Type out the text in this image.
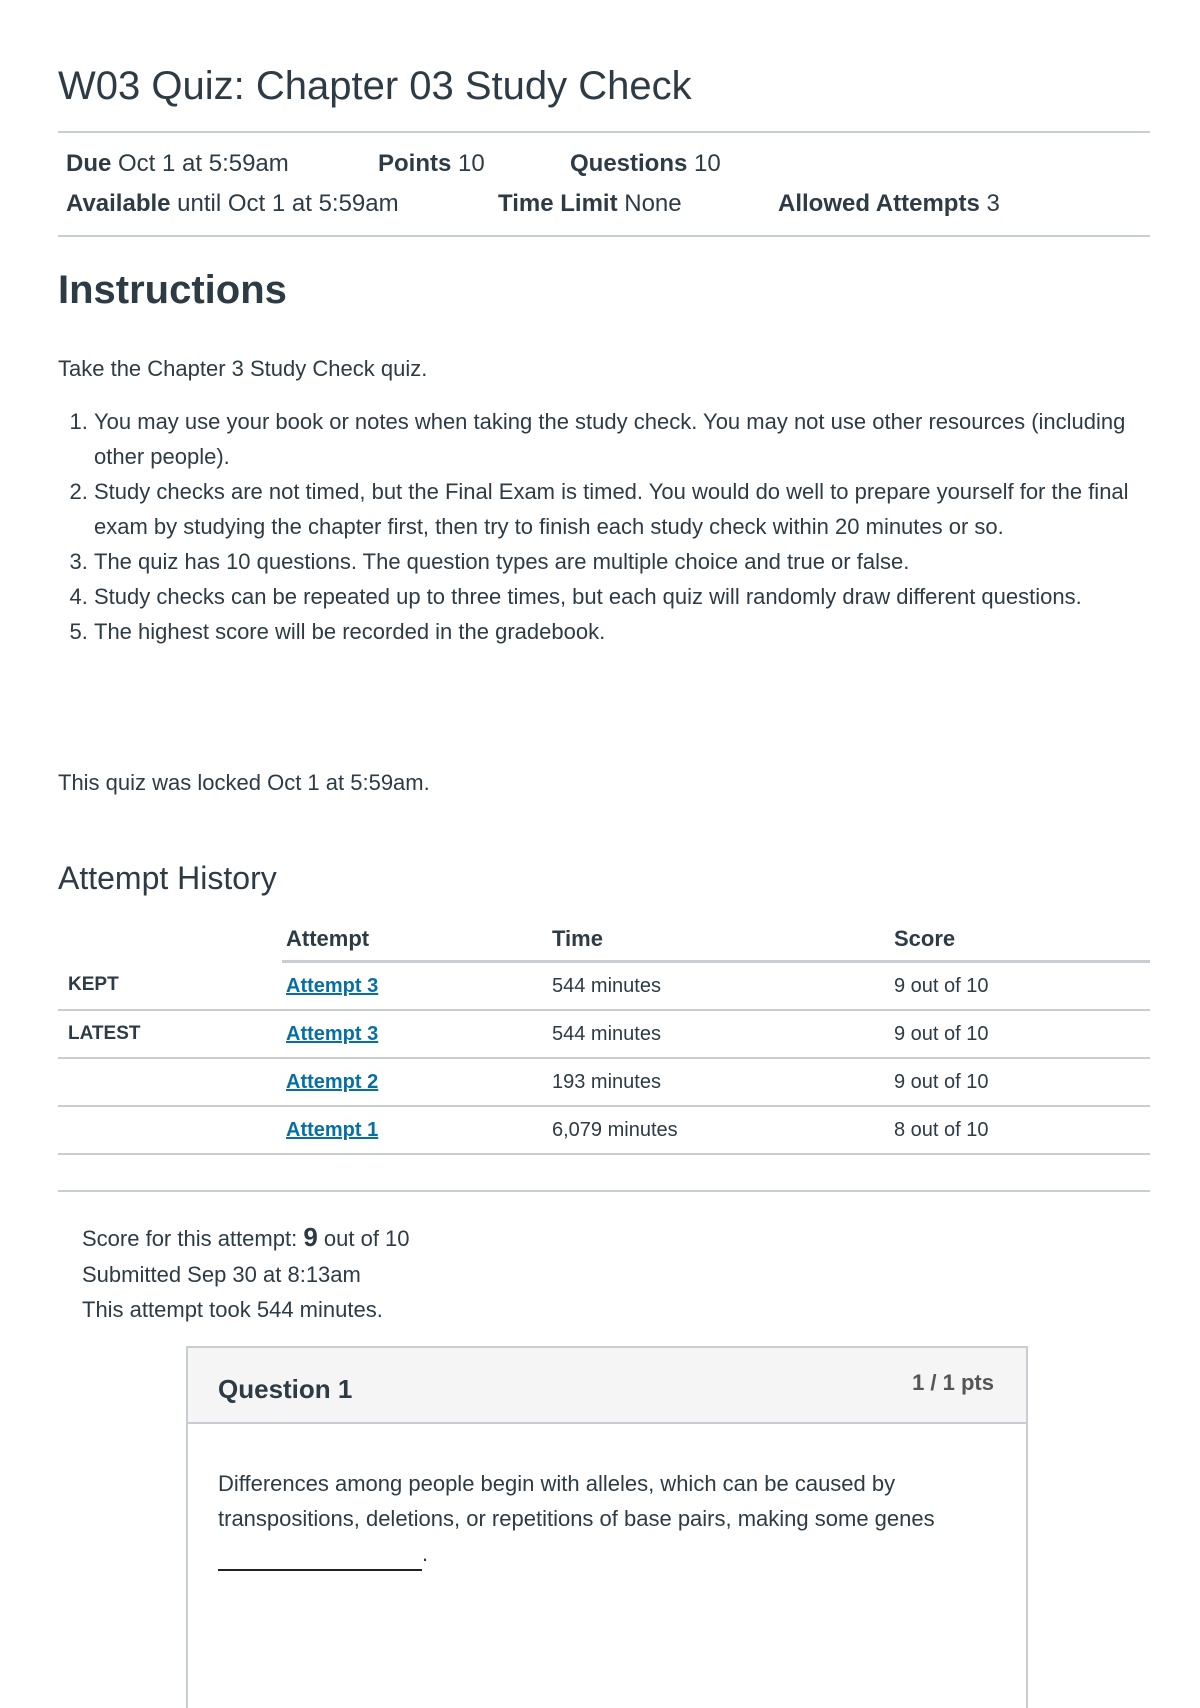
W03 Quiz: Chapter 03 Study Check
Due Oct 1 at 5:59am	Points 10	Questions 10
Available until Oct 1 at 5:59am	Time Limit None	Allowed Attempts 3
Instructions
Take the Chapter 3 Study Check quiz.
1. You may use your book or notes when taking the study check. You may not use other resources (including other people).
2. Study checks are not timed, but the Final Exam is timed. You would do well to prepare yourself for the final exam by studying the chapter first, then try to finish each study check within 20 minutes or so.
3. The quiz has 10 questions. The question types are multiple choice and true or false.
4. Study checks can be repeated up to three times, but each quiz will randomly draw different questions.
5. The highest score will be recorded in the gradebook.
This quiz was locked Oct 1 at 5:59am.
Attempt History
	Attempt	Time	Score
KEPT	Attempt 3	544 minutes	9 out of 10
LATEST	Attempt 3	544 minutes	9 out of 10
	Attempt 2	193 minutes	9 out of 10
	Attempt 1	6,079 minutes	8 out of 10
Score for this attempt: 9 out of 10
Submitted Sep 30 at 8:13am
This attempt took 544 minutes.
Question 1	1 / 1 pts
Differences among people begin with alleles, which can be caused by transpositions, deletions, or repetitions of base pairs, making some genes
.
